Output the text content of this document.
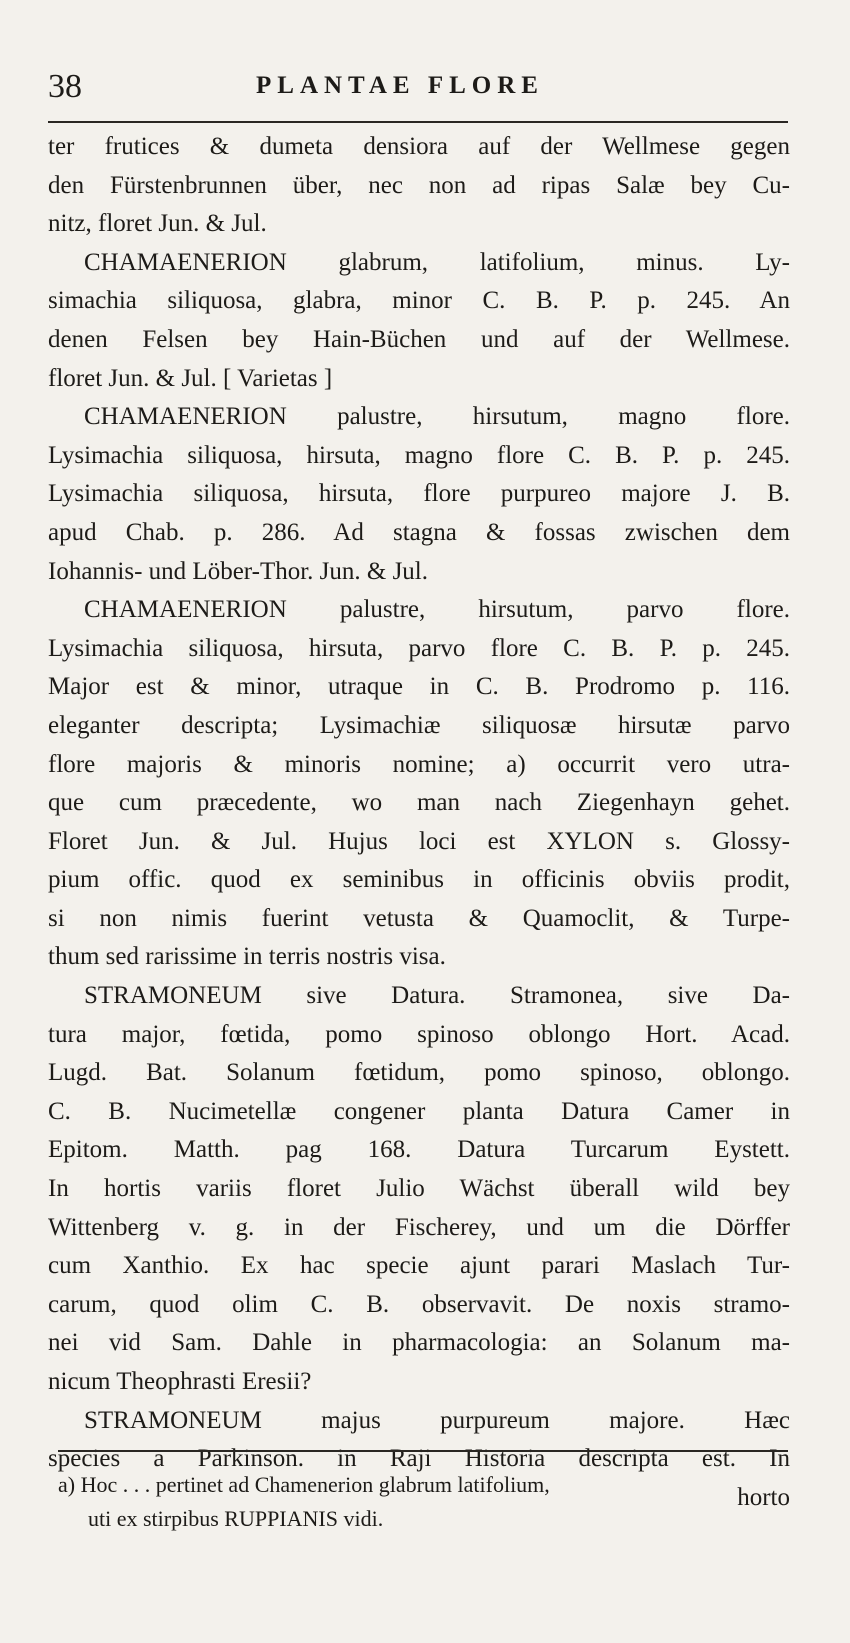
38	PLANTAE FLORE
ter frutices & dumeta densiora auf der Wellmese gegen
den Fürstenbrunnen über, nec non ad ripas Salæ bey Cu-
nitz, floret Jun. & Jul.
CHAMAENERION glabrum, latifolium, minus. Ly-
simachia siliquosa, glabra, minor C. B. P. p. 245. An
denen Felsen bey Hain-Büchen und auf der Wellmese.
floret Jun. & Jul. [ Varietas ]
CHAMAENERION palustre, hirsutum, magno flore.
Lysimachia siliquosa, hirsuta, magno flore C. B. P. p. 245.
Lysimachia siliquosa, hirsuta, flore purpureo majore J. B.
apud Chab. p. 286. Ad stagna & fossas zwischen dem
Iohannis- und Löber-Thor. Jun. & Jul.
CHAMAENERION palustre, hirsutum, parvo flore.
Lysimachia siliquosa, hirsuta, parvo flore C. B. P. p. 245.
Major est & minor, utraque in C. B. Prodromo p. 116.
eleganter descripta; Lysimachiæ siliquosæ hirsutæ parvo
flore majoris & minoris nomine; a) occurrit vero utra-
que cum præcedente, wo man nach Ziegenhayn gehet.
Floret Jun. & Jul. Hujus loci est XYLON s. Glossy-
pium offic. quod ex seminibus in officinis obviis prodit,
si non nimis fuerint vetusta & Quamoclit, & Turpe-
thum sed rarissime in terris nostris visa.
STRAMONEUM sive Datura. Stramonea, sive Da-
tura major, fœtida, pomo spinoso oblongo Hort. Acad.
Lugd. Bat. Solanum fœtidum, pomo spinoso, oblongo.
C. B. Nucimetellæ congener planta Datura Camer in
Epitom. Matth. pag 168. Datura Turcarum Eystett.
In hortis variis floret Julio Wächst überall wild bey
Wittenberg v. g. in der Fischerey, und um die Dörffer
cum Xanthio. Ex hac specie ajunt parari Maslach Tur-
carum, quod olim C. B. observavit. De noxis stramo-
nei vid Sam. Dahle in pharmacologia: an Solanum ma-
nicum Theophrasti Eresii?
STRAMONEUM majus purpureum majore. Hæc
species a Parkinson. in Raji Historia descripta est. In
horto
a) Hoc . . . pertinet ad Chamenerion glabrum latifolium,
uti ex stirpibus RUPPIANIS vidi.
